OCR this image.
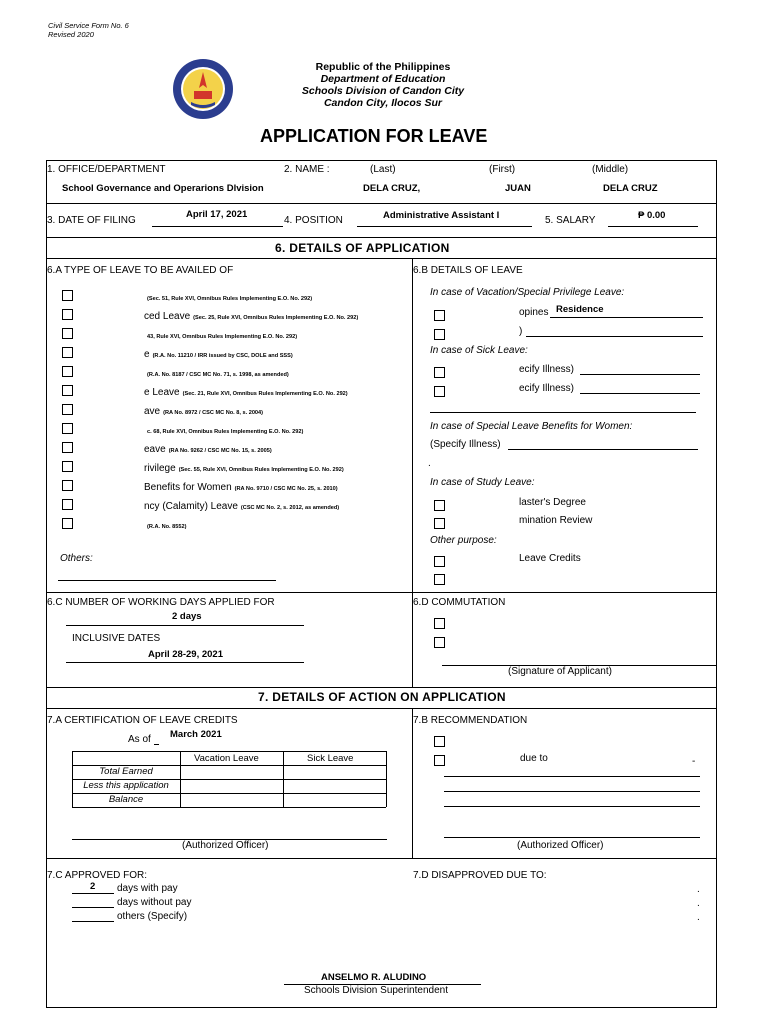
Civil Service Form No. 6
Revised 2020
Republic of the Philippines
Department of Education
Schools Division of Candon City
Candon City, Ilocos Sur
APPLICATION FOR LEAVE
1. OFFICE/DEPARTMENT
School Governance and Operarions Dlvision
2. NAME :	(Last)	(First)	(Middle)
DELA CRUZ,	JUAN	DELA CRUZ
3. DATE OF FILING
April 17, 2021
4. POSITION	Administrative Assistant I	5. SALARY	₱ 0.00
6. DETAILS OF APPLICATION
6.A TYPE OF LEAVE TO BE AVAILED OF
(Sec. 51, Rule XVI, Omnibus Rules Implementing E.O. No. 292)
ced Leave (Sec. 25, Rule XVI, Omnibus Rules Implementing E.O. No. 292)
43, Rule XVI, Omnibus Rules Implementing E.O. No. 292)
e (R.A. No. 11210 / IRR issued by CSC, DOLE and SSS)
(R.A. No. 8187 / CSC MC No. 71, s. 1998, as amended)
e Leave (Sec. 21, Rule XVI, Omnibus Rules Implementing E.O. No. 292)
ave (RA No. 8972 / CSC MC No. 8, s. 2004)
c. 68, Rule XVI, Omnibus Rules Implementing E.O. No. 292)
eave (RA No. 9262 / CSC MC No. 15, s. 2005)
rivilege (Sec. 55, Rule XVI, Omnibus Rules Implementing E.O. No. 292)
Benefits for Women (RA No. 9710 / CSC MC No. 25, s. 2010)
ncy (Calamity) Leave (CSC MC No. 2, s. 2012, as amended)
(R.A. No. 8552)
Others:
6.B DETAILS OF LEAVE
In case of Vacation/Special Privilege Leave:
opines Residence
)
In case of Sick Leave:
ecify Illness)
ecify Illness)
In case of Special Leave Benefits for Women:
(Specify Illness)
.
In case of Study Leave:
laster's Degree
mination Review
Other purpose:
Leave Credits
6.C NUMBER OF WORKING DAYS APPLIED FOR
2 days
INCLUSIVE DATES
April 28-29, 2021
6.D COMMUTATION
(Signature of Applicant)
7. DETAILS OF ACTION ON APPLICATION
7.A CERTIFICATION OF LEAVE CREDITS
As of March 2021
Vacation Leave	Sick Leave
Total Earned
Less this application
Balance
(Authorized Officer)
7.B RECOMMENDATION
due to	-
(Authorized Officer)
7.C APPROVED FOR:
2 days with pay
days without pay
others (Specify)
7.D DISAPPROVED DUE TO:
.
.
.
ANSELMO R. ALUDINO
Schools Division Superintendent
